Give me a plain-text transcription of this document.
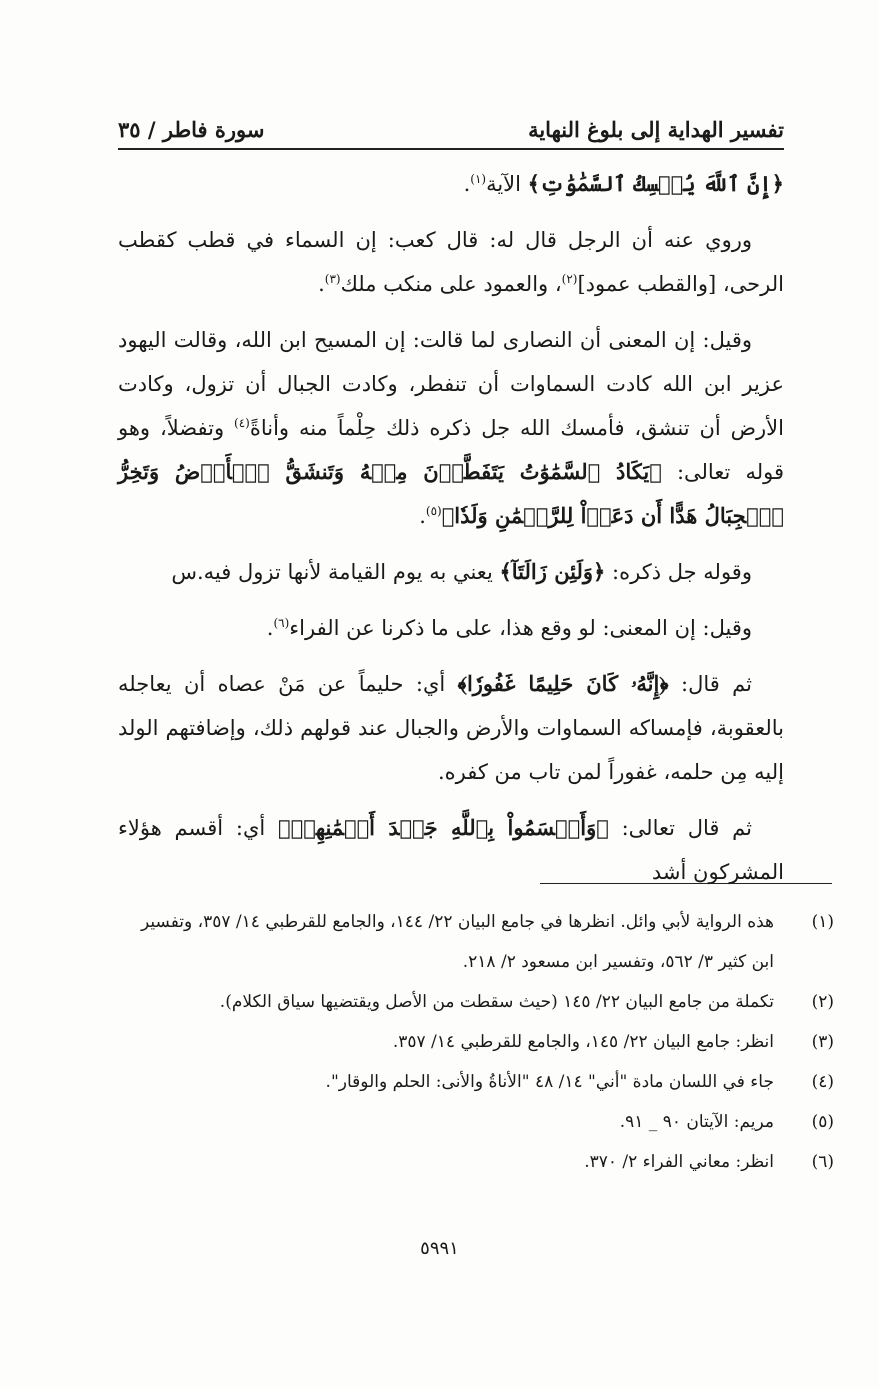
تفسير الهداية إلى بلوغ النهاية
سورة فاطر / ٣٥

﴿إِنَّ ٱللَّهَ يُمۡسِكُ ٱلسَّمَٰوَٰتِ﴾ الآية$^{(١)}$.

وروي عنه أن الرجل قال له: قال كعب: إن السماء في قطب كقطب الرحى، [والقطب عمود]$^{(٢)}$، والعمود على منكب ملك$^{(٣)}$.

وقيل: إن المعنى أن النصارى لما قالت: إن المسيح ابن الله، وقالت اليهود عزير ابن الله كادت السماوات أن تنفطر، وكادت الجبال أن تزول، وكادت الأرض أن تنشق، فأمسك الله جل ذكره ذلك حِلْماً منه وأناةً$^{(٤)}$ وتفضلاً، وهو قوله تعالى: ﴿يَكَادُ ٱلسَّمَٰوَٰتُ يَتَفَطَّرۡنَ مِنۡهُ وَتَنشَقُّ ٱلۡأَرۡضُ وَتَخِرُّ ٱلۡجِبَالُ هَدًّا أَن دَعَوۡاْ لِلرَّحۡمَٰنِ وَلَدٗا﴾$^{(٥)}$.

وقوله جل ذكره: ﴿وَلَئِن زَالَتَآ﴾ يعني به يوم القيامة لأنها تزول فيه.س

وقيل: إن المعنى: لو وقع هذا، على ما ذكرنا عن الفراء$^{(٦)}$.

ثم قال: ﴿إِنَّهُۥ كَانَ حَلِيمًا غَفُورٗا﴾ أي: حليماً عن مَنْ عصاه أن يعاجله بالعقوبة، فإمساكه السماوات والأرض والجبال عند قولهم ذلك، وإضافتهم الولد إليه مِن حلمه، غفوراً لمن تاب من كفره.

ثم قال تعالى: ﴿وَأَقۡسَمُواْ بِٱللَّهِ جَهۡدَ أَيۡمَٰنِهِمۡ﴾ أي: أقسم هؤلاء المشركون أشد

(١)
هذه الرواية لأبي وائل. انظرها في جامع البيان ٢٢/ ١٤٤، والجامع للقرطبي ١٤/ ٣٥٧، وتفسير ابن كثير ٣/ ٥٦٢، وتفسير ابن مسعود ٢/ ٢١٨.
(٢)
تكملة من جامع البيان ٢٢/ ١٤٥ (حيث سقطت من الأصل ويقتضيها سياق الكلام).
(٣)
انظر: جامع البيان ٢٢/ ١٤٥، والجامع للقرطبي ١٤/ ٣٥٧.
(٤)
جاء في اللسان مادة "أني" ١٤/ ٤٨ "الأناةُ والأنى: الحلم والوقار".
(٥)
مريم: الآيتان ٩٠ _ ٩١.
(٦)
انظر: معاني الفراء ٢/ ٣٧٠.
٥٩٩١
